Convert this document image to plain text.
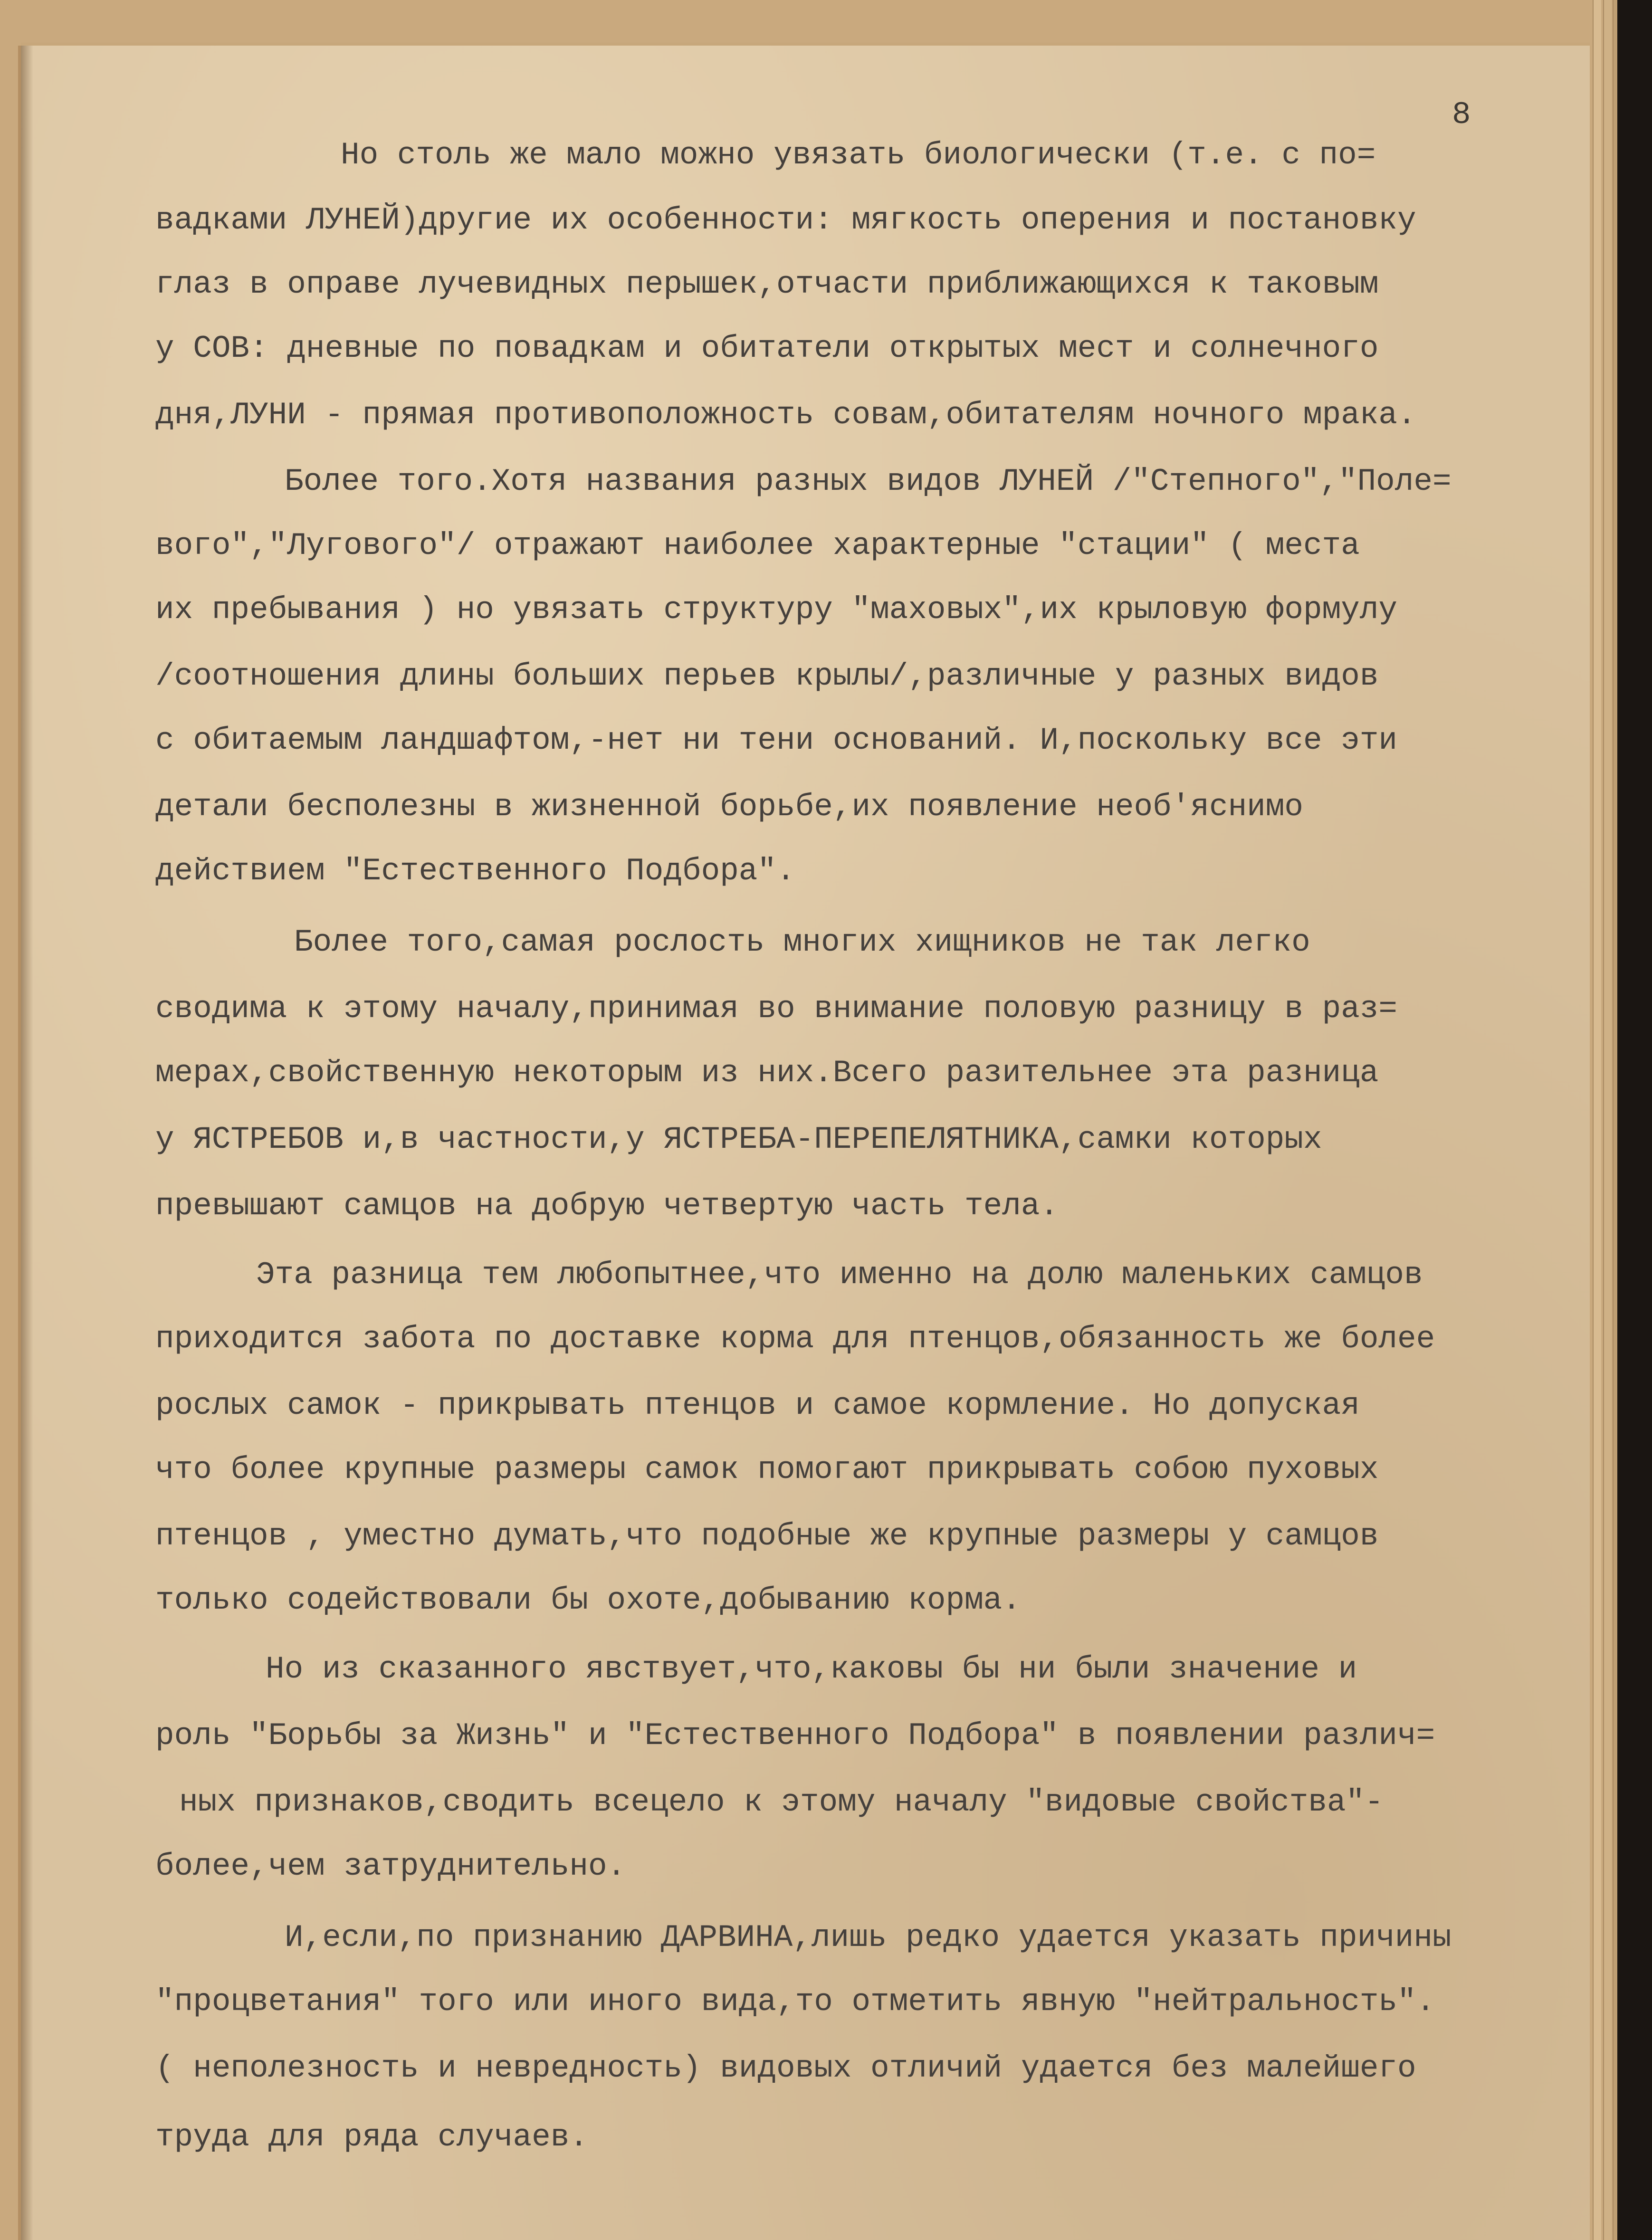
8

Но столь же мало можно увязать биологически (т.е. с по=

вадками ЛУНЕЙ)другие их особенности: мягкость оперения и постановку

глаз в оправе лучевидных перышек,отчасти приближающихся к таковым

у СОВ: дневные по повадкам и обитатели открытых мест и солнечного

дня,ЛУНИ - прямая противоположность совам,обитателям ночного мрака.

Более того.Хотя названия разных видов ЛУНЕЙ /"Степного","Поле=

вого","Лугового"/ отражают наиболее характерные "стации" ( места

их пребывания ) но увязать структуру "маховых",их крыловую формулу

/соотношения длины больших перьев крылы/,различные у разных видов

с обитаемым ландшафтом,-нет ни тени оснований. И,поскольку все эти

детали бесполезны в жизненной борьбе,их появление необ'яснимо

действием "Естественного Подбора".

Более того,самая рослость многих хищников не так легко

сводима к этому началу,принимая во внимание половую разницу в раз=

мерах,свойственную некоторым из них.Всего разительнее эта разница

у ЯСТРЕБОВ и,в частности,у ЯСТРЕБА-ПЕРЕПЕЛЯТНИКА,самки которых

превышают самцов на добрую четвертую часть тела.

Эта разница тем любопытнее,что именно на долю маленьких самцов

приходится забота по доставке корма для птенцов,обязанность же более

рослых самок - прикрывать птенцов и самое кормление. Но допуская

что более крупные размеры самок помогают прикрывать собою пуховых

птенцов , уместно думать,что подобные же крупные размеры у самцов

только содействовали бы охоте,добыванию корма.

Но из сказанного явствует,что,каковы бы ни были значение и

роль "Борьбы за Жизнь" и "Естественного Подбора" в появлении различ=

ных признаков,сводить всецело к этому началу "видовые свойства"-

более,чем затруднительно.

И,если,по признанию ДАРВИНА,лишь редко удается указать причины

"процветания" того или иного вида,то отметить явную "нейтральность".

( неполезность и невредность) видовых отличий удается без малейшего

труда для ряда случаев.
